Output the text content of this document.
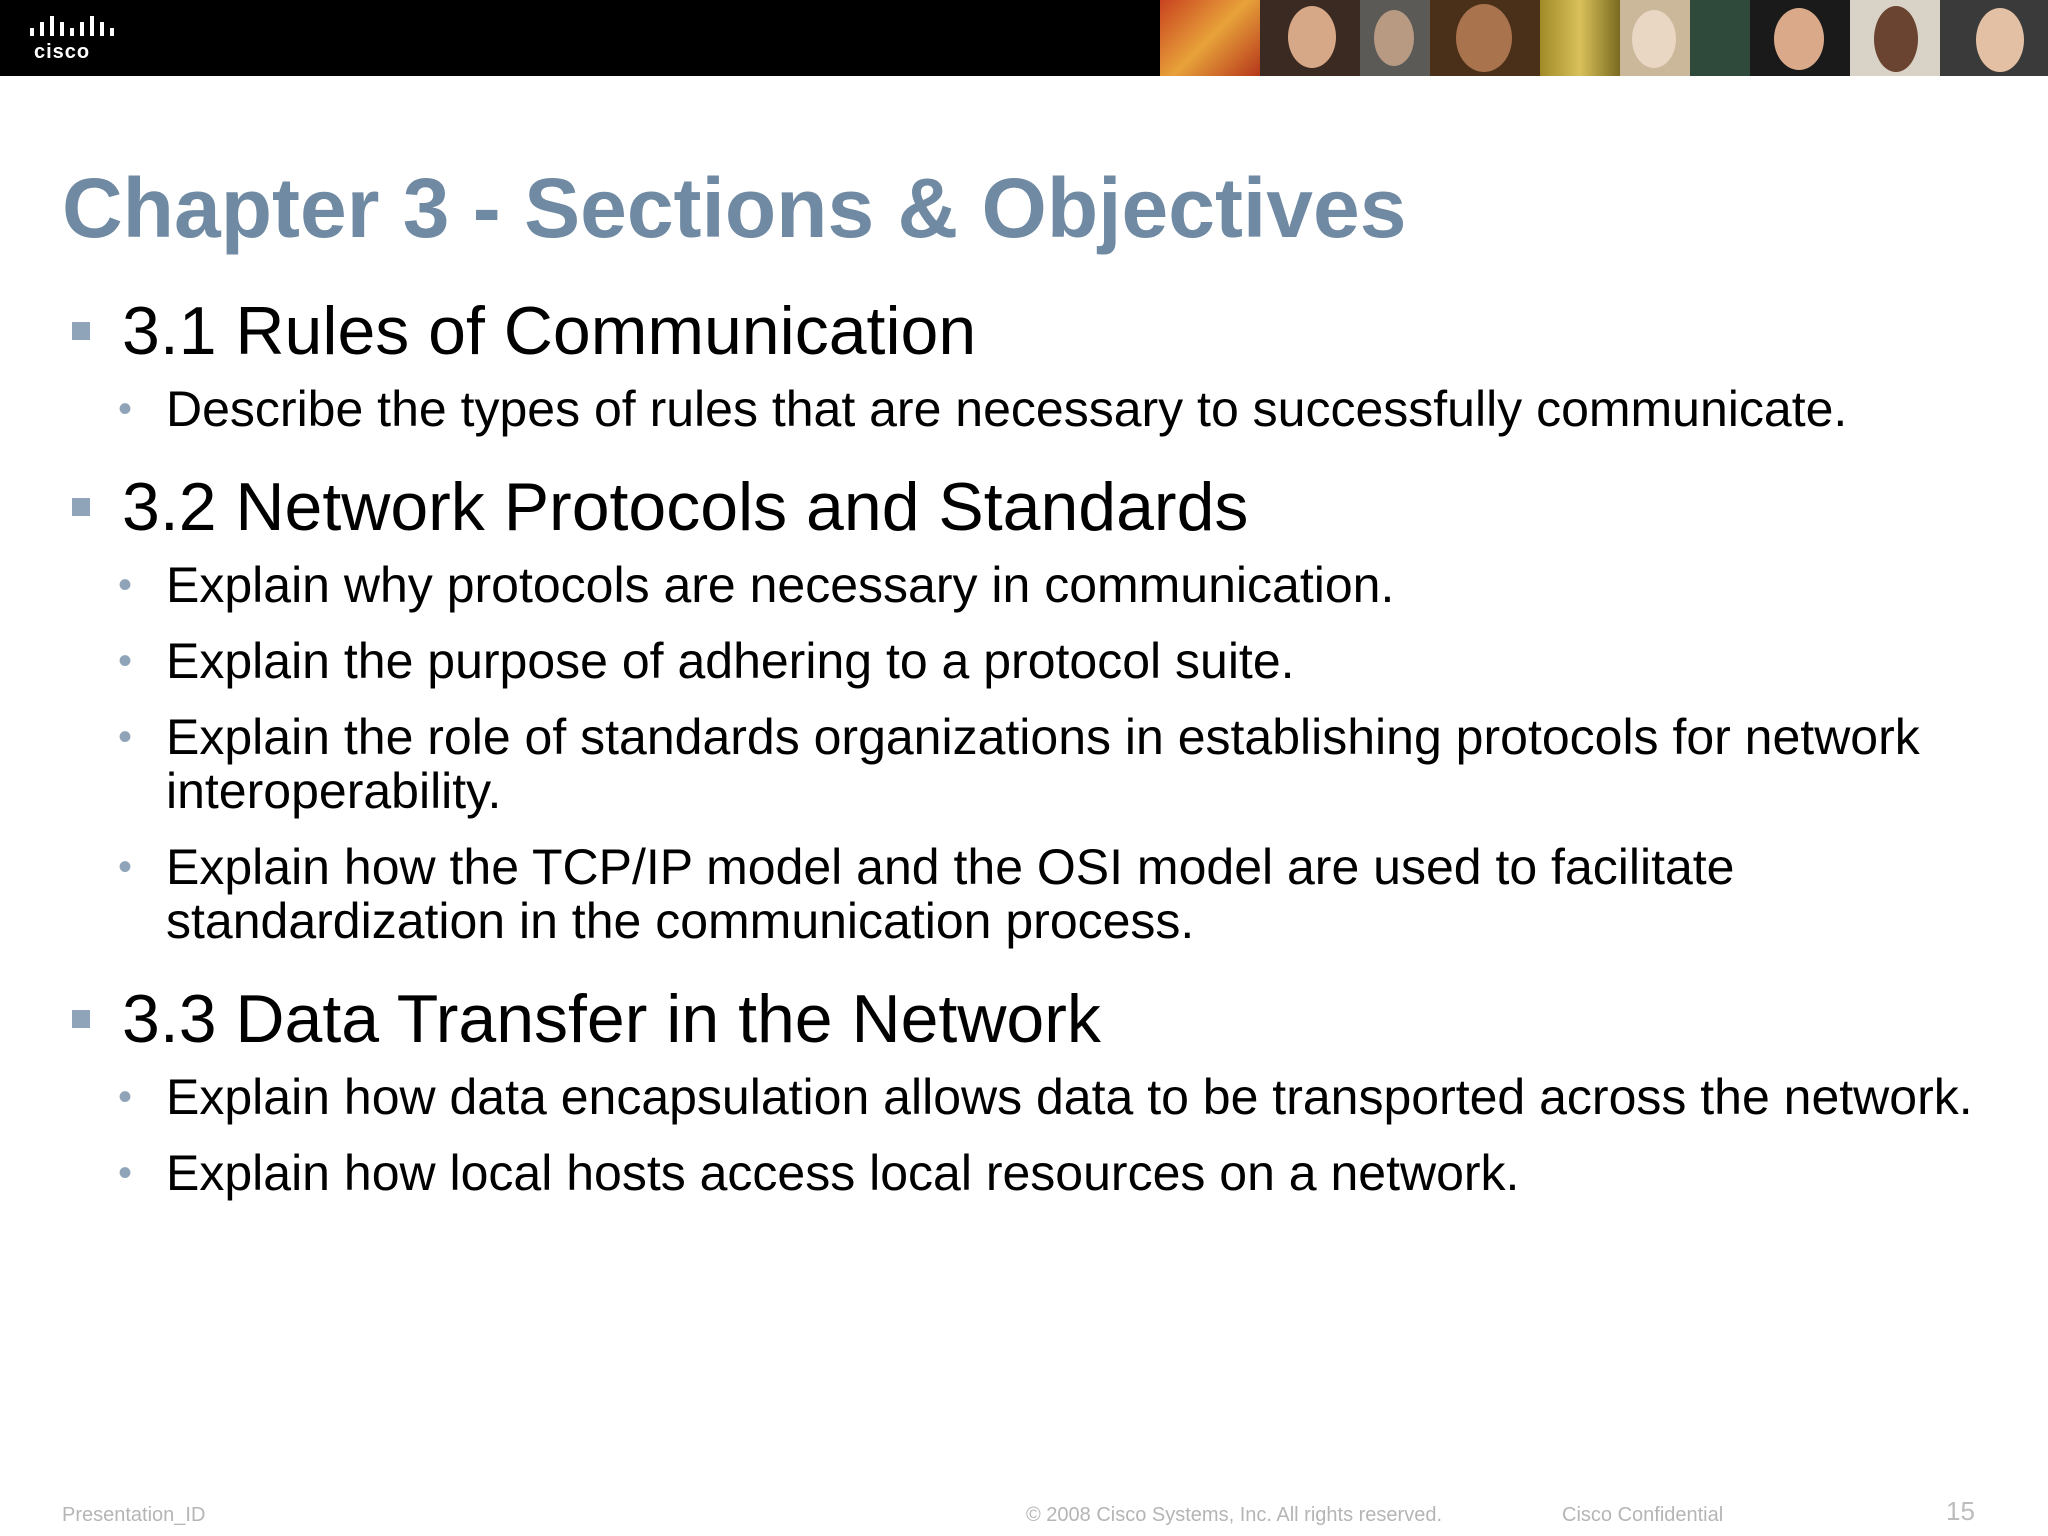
cisco
Chapter 3 - Sections & Objectives
3.1 Rules of Communication
• Describe the types of rules that are necessary to successfully communicate.
3.2 Network Protocols and Standards
• Explain why protocols are necessary in communication.
• Explain the purpose of adhering to a protocol suite.
• Explain the role of standards organizations in establishing protocols for network interoperability.
• Explain how the TCP/IP model and the OSI model are used to facilitate standardization in the communication process.
3.3 Data Transfer in the Network
• Explain how data encapsulation allows data to be transported across the network.
• Explain how local hosts access local resources on a network.
Presentation_ID	© 2008 Cisco Systems, Inc. All rights reserved.	Cisco Confidential	15
